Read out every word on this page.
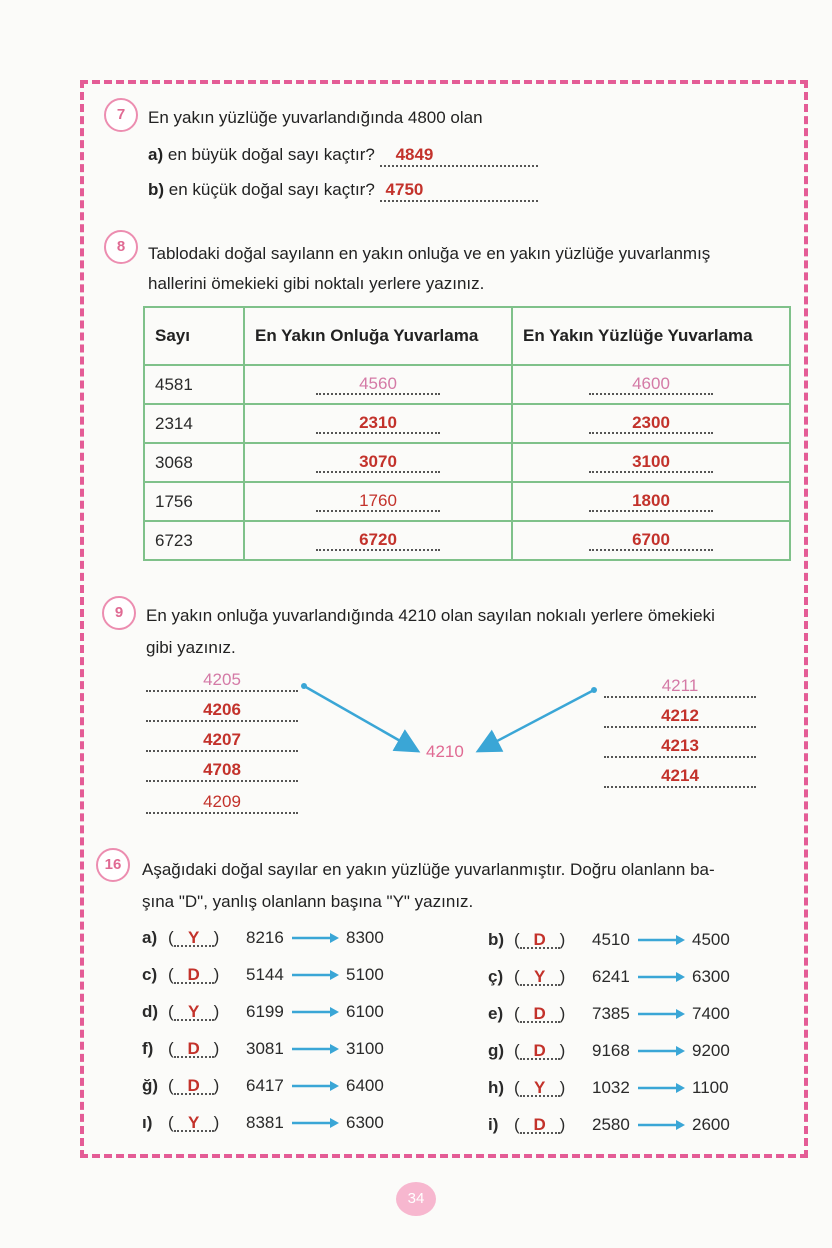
7	En yakın yüzlüğe yuvarlandığında 4800 olan
a) en büyük doğal sayı kaçtır? 4849
b) en küçük doğal sayı kaçtır? 4750
8	Tablodaki doğal sayılann en yakın onluğa ve en yakın yüzlüğe yuvarlanmış
hallerini ömekieki gibi noktalı yerlere yazınız.
Sayı	En Yakın Onluğa Yuvarlama	En Yakın Yüzlüğe Yuvarlama
4581	4560	4600

2314	2310	2300

3068	3070	3100

1756	1760	1800

6723	6720	6700
9	En yakın onluğa yuvarlandığında 4210 olan sayılan nokıalı yerlere ömekieki
gibi yazınız.
4205
4206
4207
4708
4209
4211
4212
4213
4214
4210
16	Aşağıdaki doğal sayılar en yakın yüzlüğe yuvarlanmıştır. Doğru olanlann ba-
şına "D", yanlış olanlann başına "Y" yazınız.
a) ( Y )	8216	8300
c) ( D )	5144	5100
d) ( Y )	6199	6100
f) ( D )	3081	3100
ğ) ( D )	6417	6400
ı) ( Y )	8381	6300
b) ( D )	4510	4500
ç) ( Y )	6241	6300
e) ( D )	7385	7400
g) ( D )	9168	9200
h) ( Y )	1032	1100
i) ( D )	2580	2600
34
